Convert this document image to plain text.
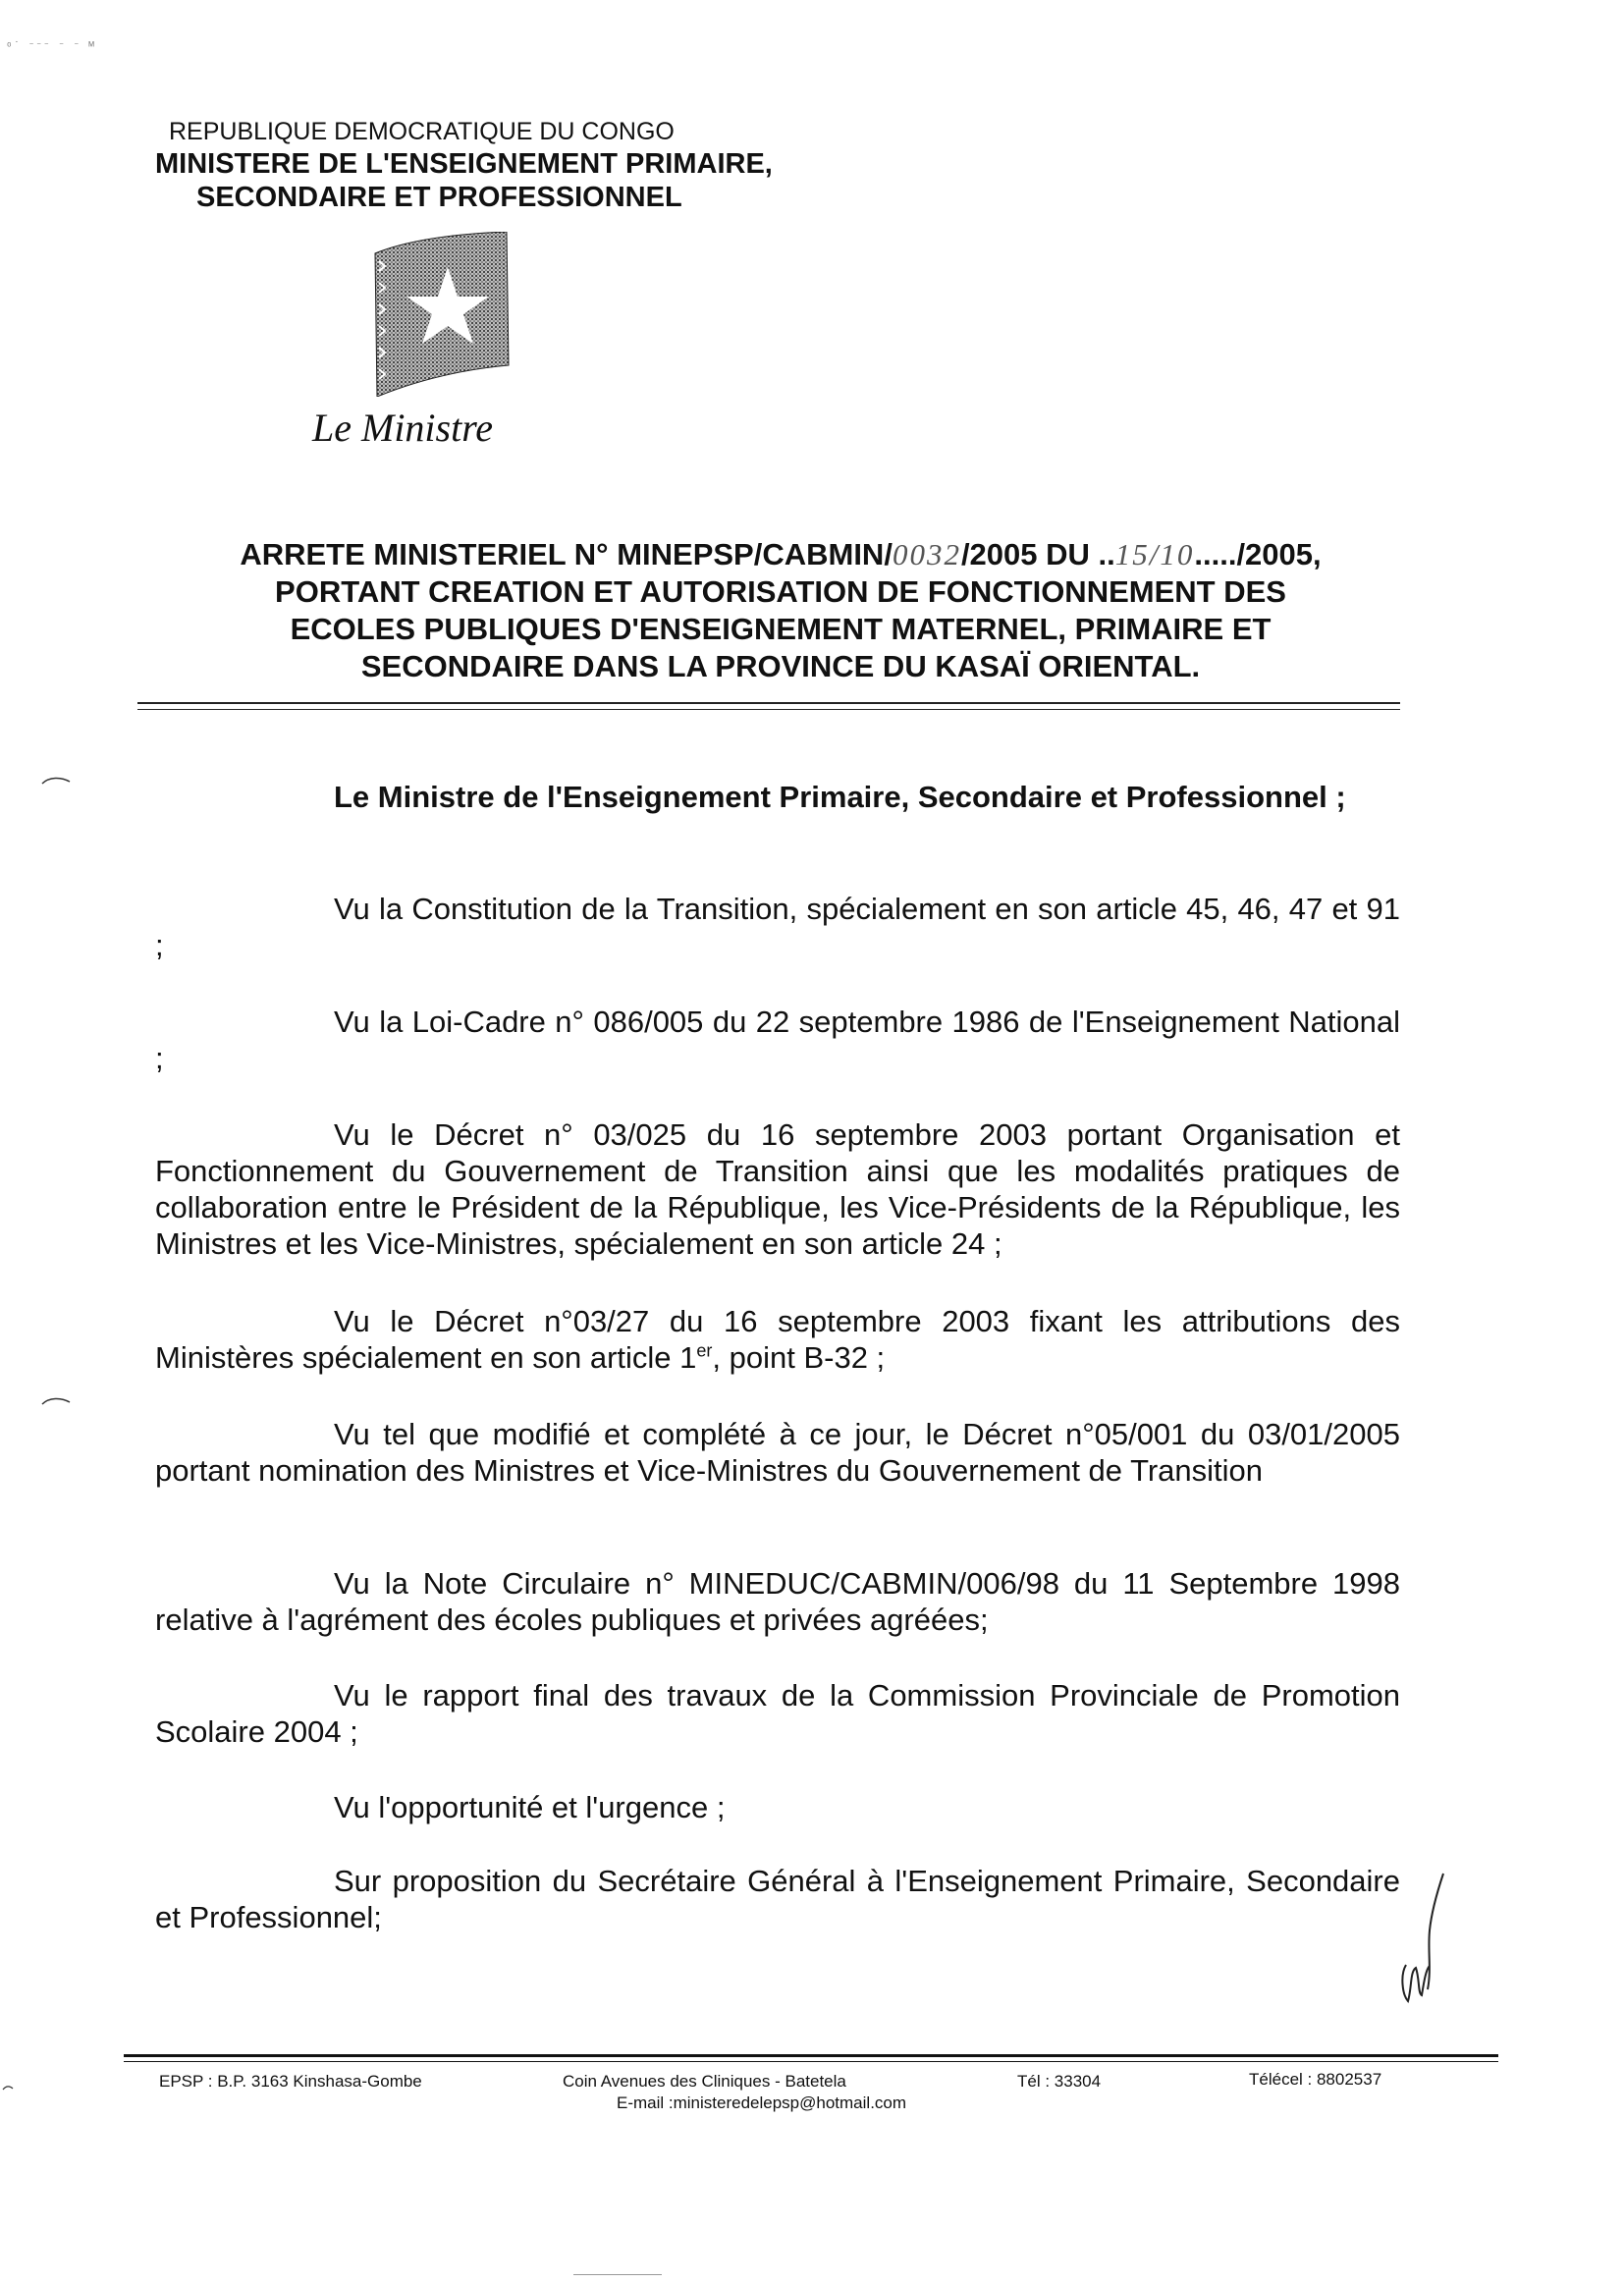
ᵒ˙ ⁻⁻⁻ ⁻ ⁻ ᴹ
REPUBLIQUE DEMOCRATIQUE DU CONGO
MINISTERE DE L'ENSEIGNEMENT PRIMAIRE,
SECONDAIRE ET PROFESSIONNEL
Le Ministre
ARRETE MINISTERIEL N° MINEPSP/CABMIN/0032/2005 DU ..15/10...../2005,
PORTANT CREATION ET AUTORISATION DE FONCTIONNEMENT DES
ECOLES PUBLIQUES D'ENSEIGNEMENT MATERNEL, PRIMAIRE ET
SECONDAIRE DANS LA PROVINCE DU KASAÏ ORIENTAL.
Le Ministre de l'Enseignement Primaire, Secondaire et Professionnel ;
Vu la Constitution de la Transition, spécialement en son article 45, 46, 47 et 91 ;
Vu la Loi-Cadre n° 086/005 du 22 septembre 1986 de l'Enseignement National ;
Vu le Décret n° 03/025 du 16 septembre 2003 portant Organisation et Fonctionnement du Gouvernement de Transition ainsi que les modalités pratiques de collaboration entre le Président de la République, les Vice-Présidents de la République, les Ministres et les Vice-Ministres, spécialement en son article 24 ;
Vu le Décret n°03/27 du 16 septembre 2003 fixant les attributions des Ministères spécialement en son article 1er, point B-32 ;
Vu tel que modifié et complété à ce jour, le Décret n°05/001 du 03/01/2005 portant nomination des Ministres et Vice-Ministres du Gouvernement de Transition
Vu la Note Circulaire n° MINEDUC/CABMIN/006/98 du 11 Septembre 1998 relative à l'agrément des écoles publiques et privées agréées;
Vu le rapport final des travaux de la Commission Provinciale de Promotion Scolaire 2004 ;
Vu l'opportunité et l'urgence ;
Sur proposition du Secrétaire Général à l'Enseignement Primaire, Secondaire et Professionnel;
EPSP : B.P. 3163 Kinshasa-Gombe	Coin Avenues des Cliniques - Batetela	Tél : 33304	Télécel : 8802537
E-mail :ministeredelepsp@hotmail.com
